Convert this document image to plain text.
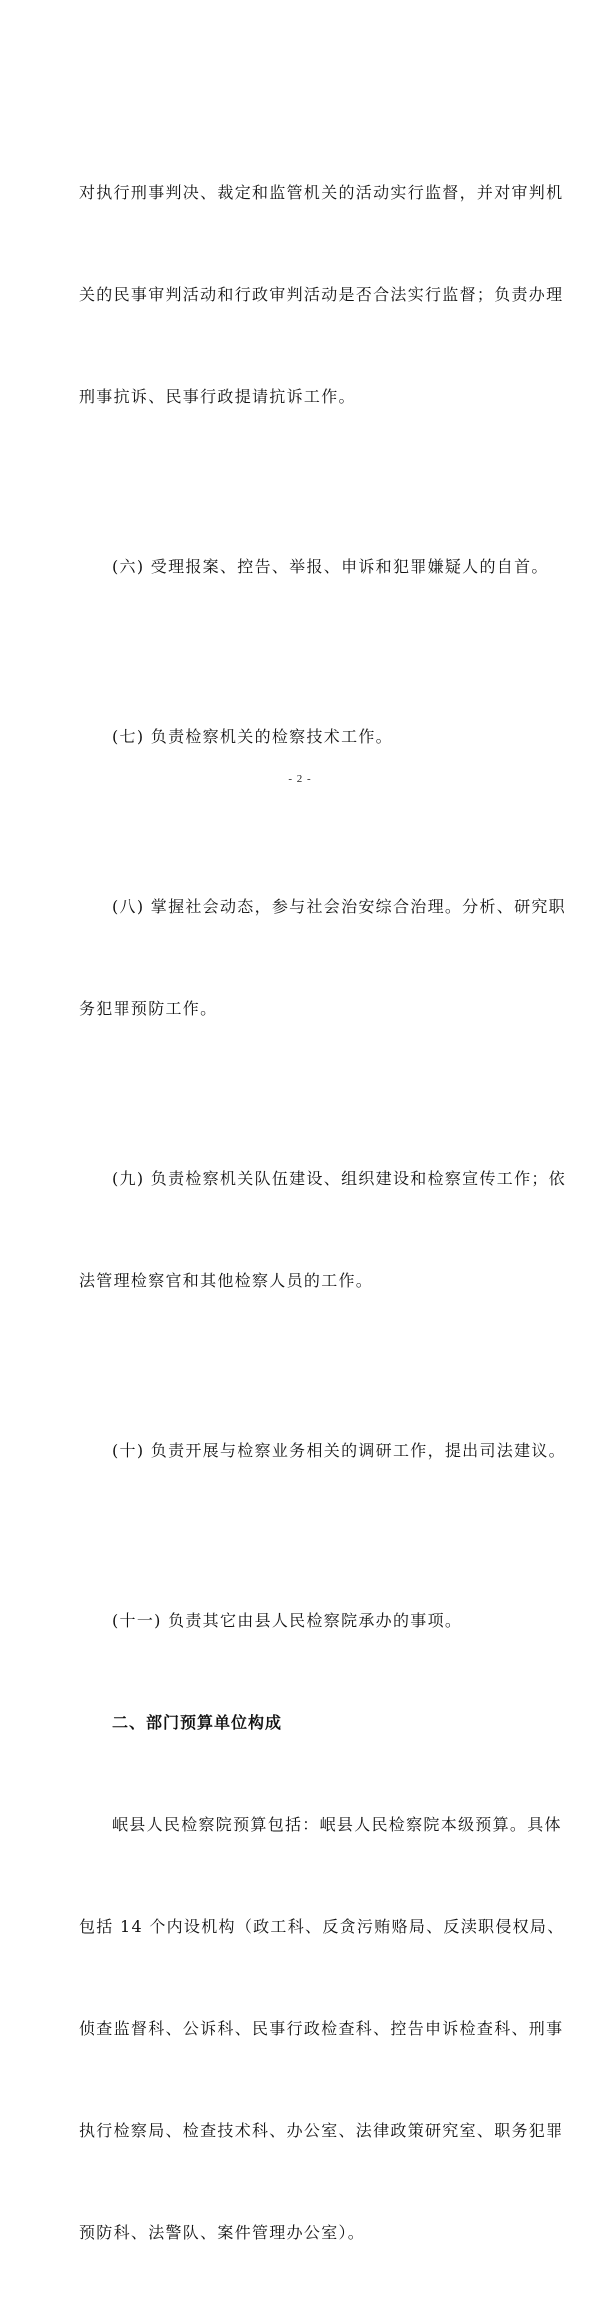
对执行刑事判决、裁定和监管机关的活动实行监督，并对审判机

关的民事审判活动和行政审判活动是否合法实行监督；负责办理

刑事抗诉、民事行政提请抗诉工作。

(六) 受理报案、控告、举报、申诉和犯罪嫌疑人的自首。

(七) 负责检察机关的检察技术工作。

(八) 掌握社会动态，参与社会治安综合治理。分析、研究职

务犯罪预防工作。

(九) 负责检察机关队伍建设、组织建设和检察宣传工作；依

法管理检察官和其他检察人员的工作。

(十) 负责开展与检察业务相关的调研工作，提出司法建议。

(十一) 负责其它由县人民检察院承办的事项。

二、部门预算单位构成

岷县人民检察院预算包括：岷县人民检察院本级预算。具体

包括 14 个内设机构（政工科、反贪污贿赂局、反渎职侵权局、

侦查监督科、公诉科、民事行政检查科、控告申诉检查科、刑事

执行检察局、检查技术科、办公室、法律政策研究室、职务犯罪

预防科、法警队、案件管理办公室）。

- 2 -
